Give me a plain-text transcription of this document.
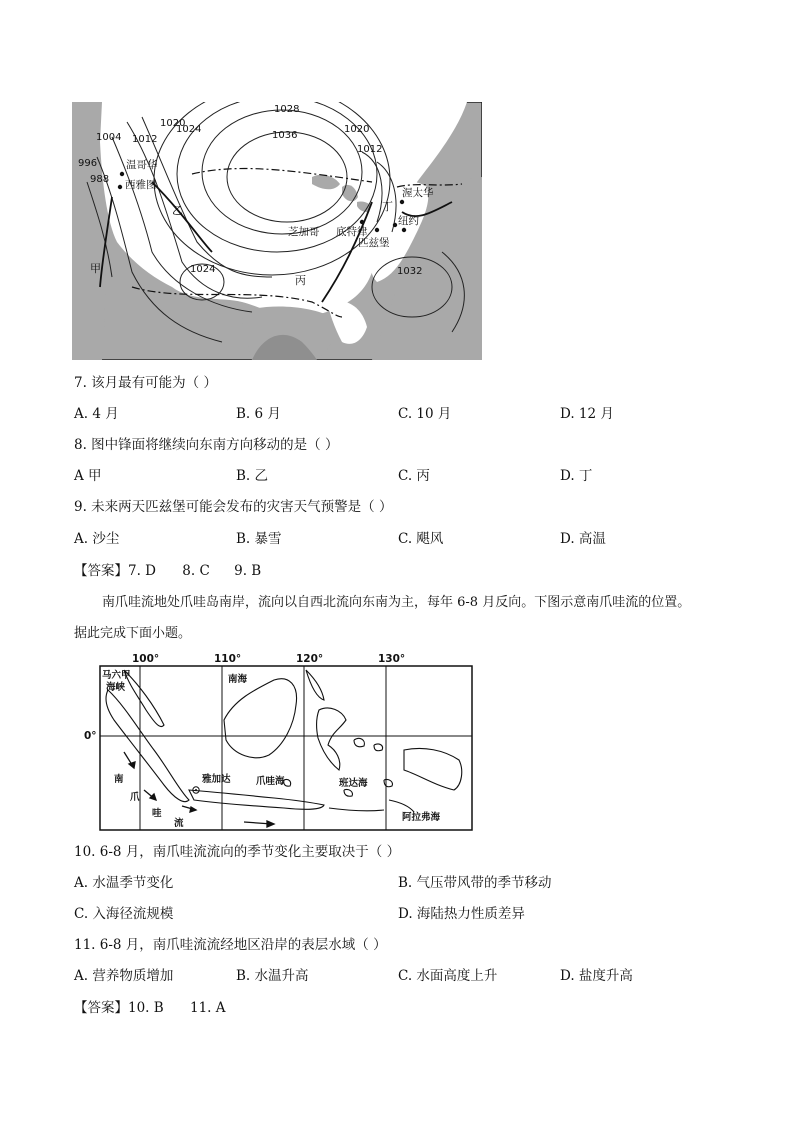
1028
1020
1024
1004 1012	1036
1020
1012
996
988
1024	1032
温哥华
西雅图
渥太华
纽约
芝加哥 底特律
匹兹堡
甲
乙
丙
丁
7. 该月最有可能为（ ）
A. 4 月	B. 6 月	C. 10 月	D. 12 月
8. 图中锋面将继续向东南方向移动的是（ ）
A 甲	B. 乙	C. 丙	D. 丁
9. 未来两天匹兹堡可能会发布的灾害天气预警是（ ）
A. 沙尘	B. 暴雪	C. 飓风	D. 高温
【答案】7. D 8. C 9. B
南爪哇流地处爪哇岛南岸，流向以自西北流向东南为主，每年 6-8 月反向。下图示意南爪哇流的位置。
据此完成下面小题。
100°	110°	120°	130°
0°
马六甲
海峡
南海
雅加达	爪哇海	班达海
阿拉弗海
南
爪
哇
流
10. 6-8 月，南爪哇流流向的季节变化主要取决于（ ）
A. 水温季节变化	B. 气压带风带的季节移动
C. 入海径流规模	D. 海陆热力性质差异
11. 6-8 月，南爪哇流流经地区沿岸的表层水域（ ）
A. 营养物质增加	B. 水温升高	C. 水面高度上升	D. 盐度升高
【答案】10. B 11. A
